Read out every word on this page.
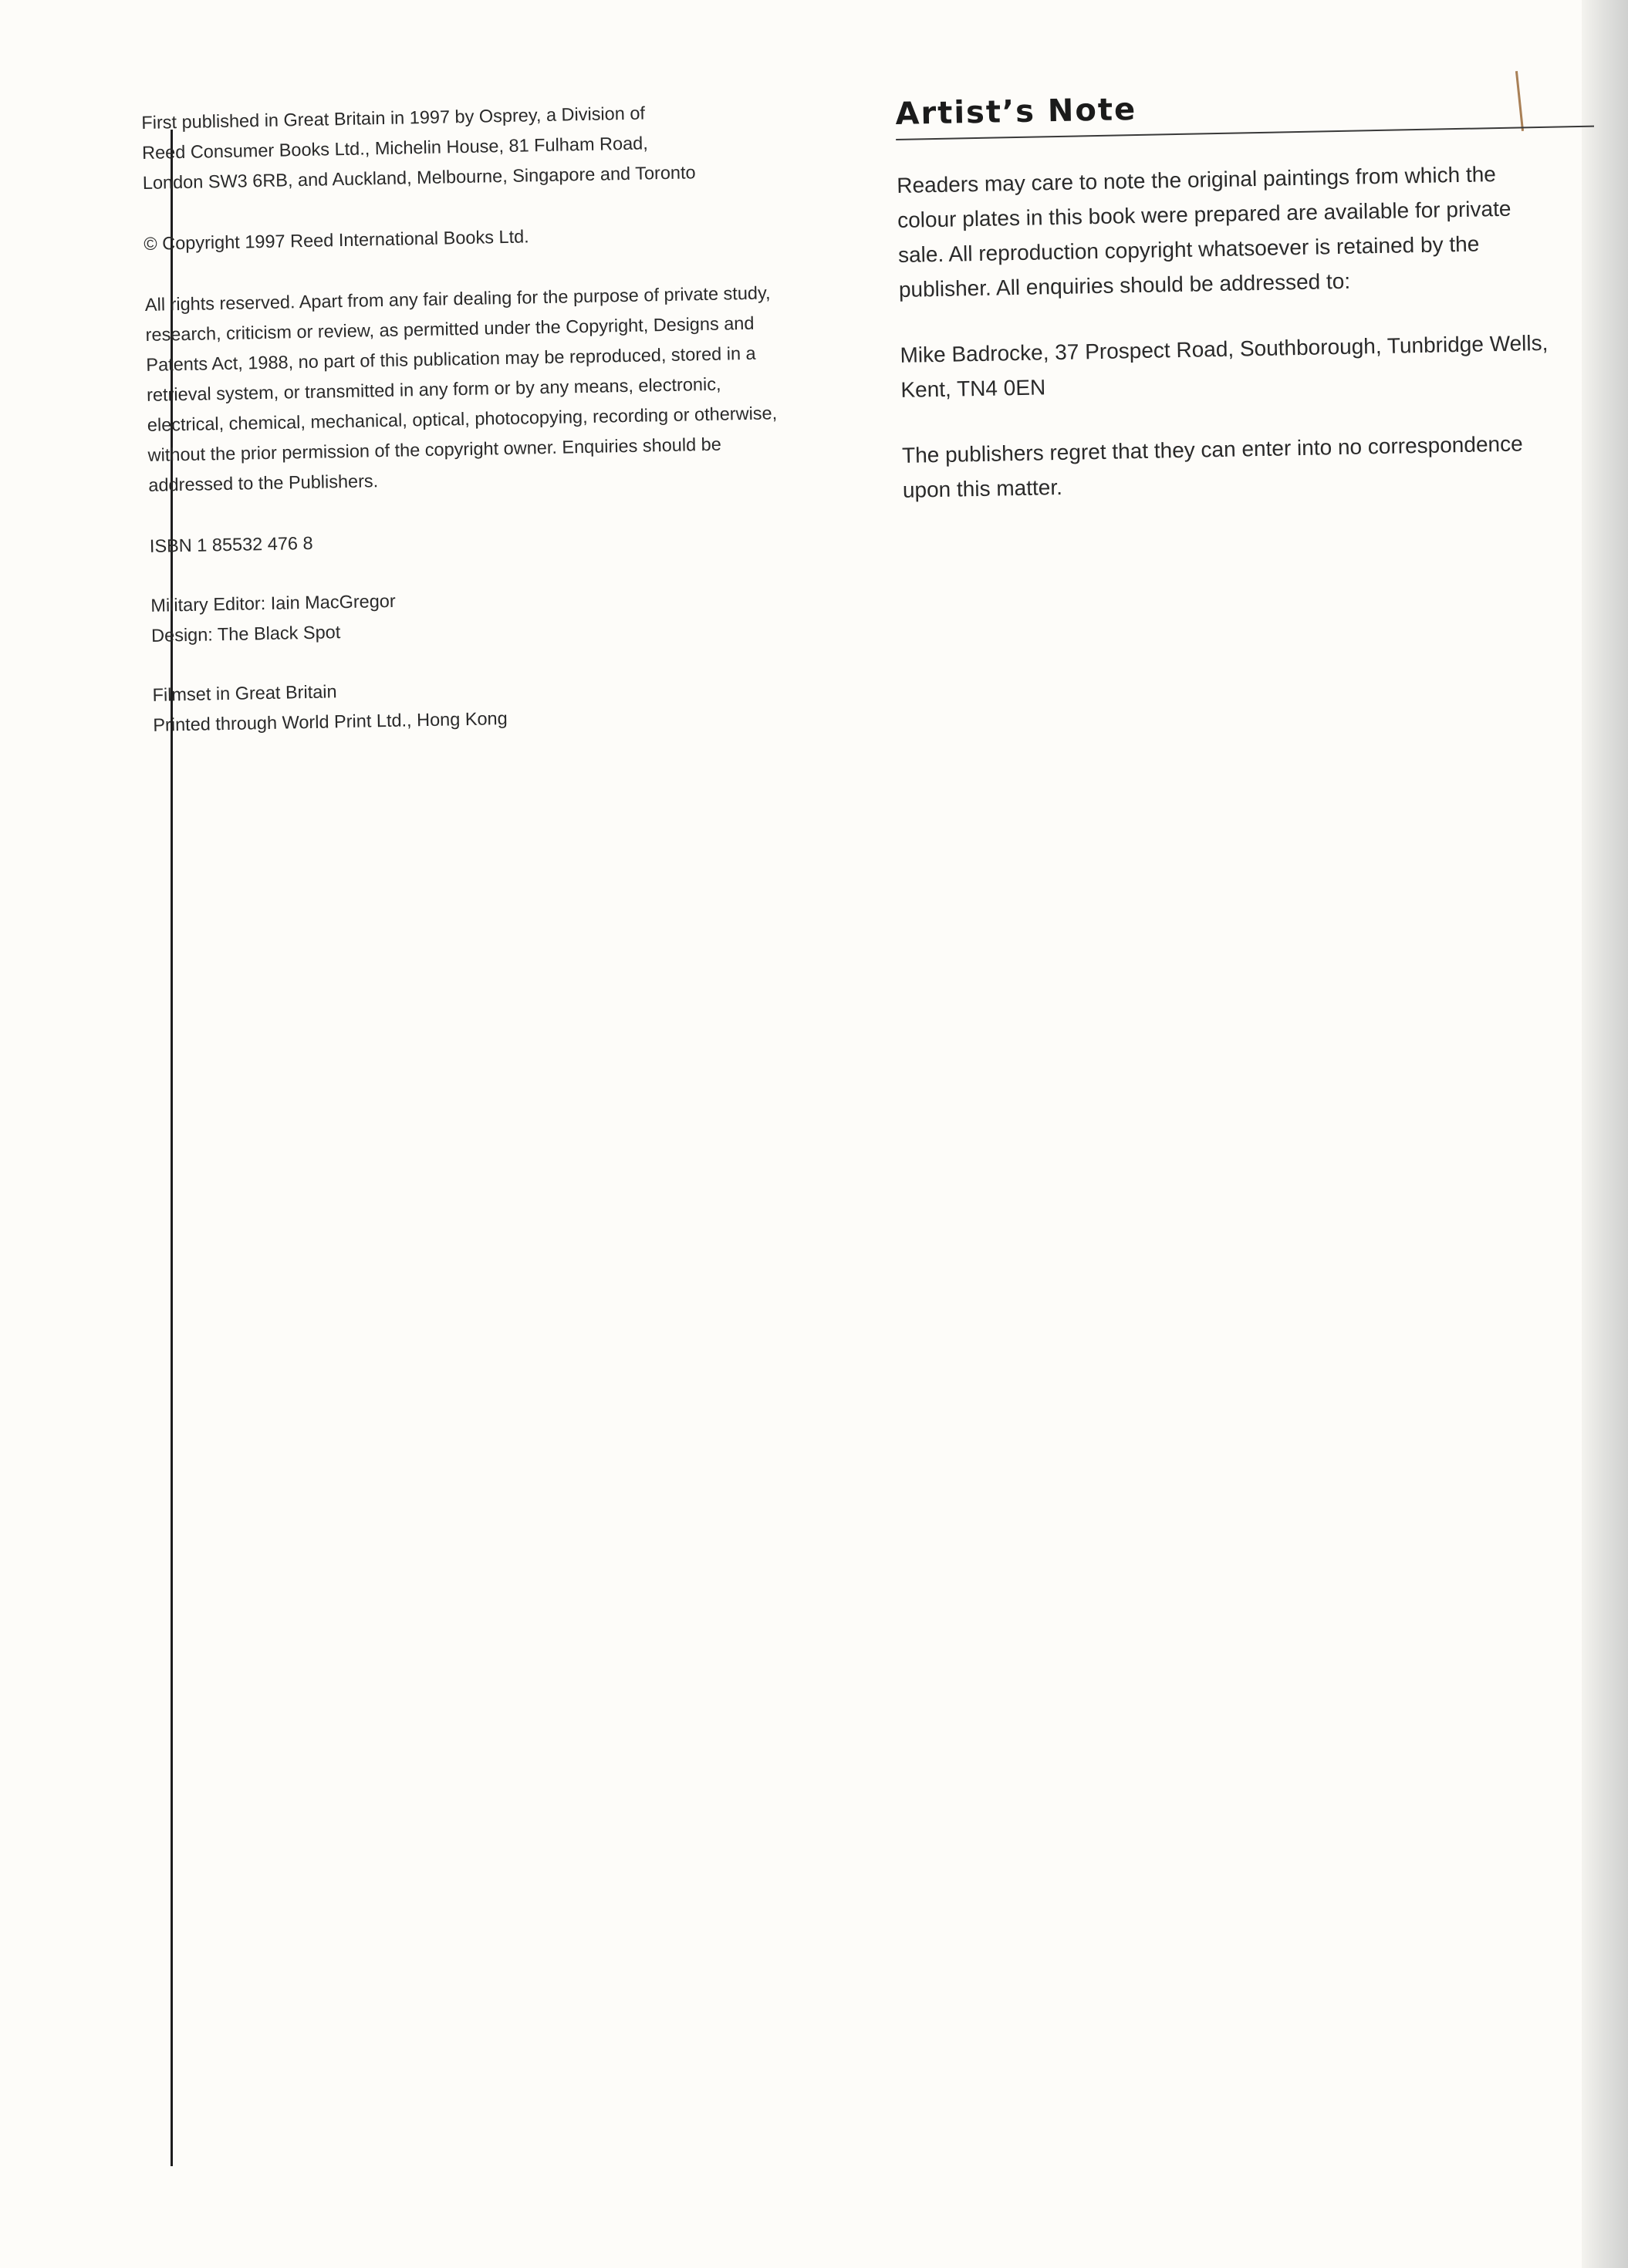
First published in Great Britain in 1997 by Osprey, a Division of

Reed Consumer Books Ltd., Michelin House, 81 Fulham Road,

London SW3 6RB, and Auckland, Melbourne, Singapore and Toronto

© Copyright 1997 Reed International Books Ltd.

All rights reserved. Apart from any fair dealing for the purpose of private study,

research, criticism or review, as permitted under the Copyright, Designs and

Patents Act, 1988, no part of this publication may be reproduced, stored in a

retrieval system, or transmitted in any form or by any means, electronic,

electrical, chemical, mechanical, optical, photocopying, recording or otherwise,

without the prior permission of the copyright owner. Enquiries should be

addressed to the Publishers.

ISBN 1 85532 476 8

Military Editor: Iain MacGregor

Design: The Black Spot

Filmset in Great Britain

Printed through World Print Ltd., Hong Kong

Artist’s Note

Readers may care to note the original paintings from which the

colour plates in this book were prepared are available for private

sale. All reproduction copyright whatsoever is retained by the

publisher. All enquiries should be addressed to:

Mike Badrocke, 37 Prospect Road, Southborough, Tunbridge Wells,

Kent, TN4 0EN

The publishers regret that they can enter into no correspondence

upon this matter.
